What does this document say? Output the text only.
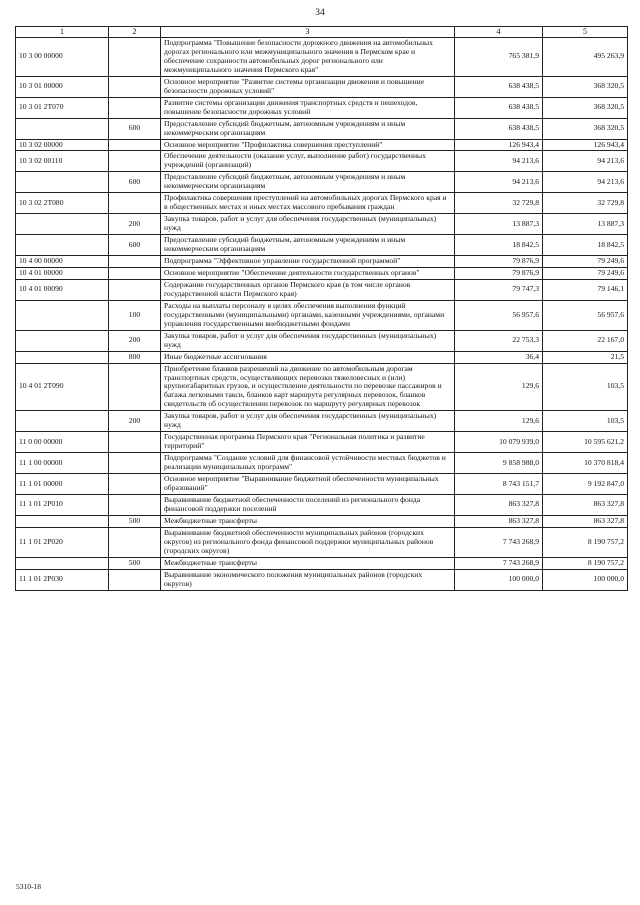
34
1	2	3	4	5
10 3 00 00000		Подпрограмма "Повышение безопасности дорожного движения на автомобильных дорогах регионального или межмуниципального значения в Пермском крае и обеспечение сохранности автомобильных дорог регионального или межмуниципального значения Пермского края"	765 381,9	495 263,9
10 3 01 00000		Основное мероприятие "Развитие системы организации движения и повышение безопасности дорожных условий"	638 438,5	368 320,5
10 3 01 2Т070		Развитие системы организации движения транспортных средств и пешеходов, повышение безопасности дорожных условий	638 438,5	368 320,5
	600	Предоставление субсидий бюджетным, автономным учреждениям и иным некоммерческим организациям	638 438,5	368 320,5
10 3 02 00000		Основное мероприятие "Профилактика совершения преступлений"	126 943,4	126 943,4
10 3 02 00110		Обеспечение деятельности (оказание услуг, выполнение работ) государственных учреждений (организаций)	94 213,6	94 213,6
	600	Предоставление субсидий бюджетным, автономным учреждениям и иным некоммерческим организациям	94 213,6	94 213,6
10 3 02 2Т080		Профилактика совершения преступлений на автомобильных дорогах Пермского края и в общественных местах и иных местах массового пребывания граждан	32 729,8	32 729,8
	200	Закупка товаров, работ и услуг для обеспечения государственных (муниципальных) нужд	13 887,3	13 887,3
	600	Предоставление субсидий бюджетным, автономным учреждениям и иным некоммерческим организациям	18 842,5	18 842,5
10 4 00 00000		Подпрограмма "Эффективное управление государственной программой"	79 876,9	79 249,6
10 4 01 00000		Основное мероприятие "Обеспечение деятельности государственных органов"	79 876,9	79 249,6
10 4 01 00090		Содержание государственных органов Пермского края (в том числе органов государственной власти Пермского края)	79 747,3	79 146,1
	100	Расходы на выплаты персоналу в целях обеспечения выполнения функций государственными (муниципальными) органами, казенными учреждениями, органами управления государственными внебюджетными фондами	56 957,6	56 957,6
	200	Закупка товаров, работ и услуг для обеспечения государственных (муниципальных) нужд	22 753,3	22 167,0
	800	Иные бюджетные ассигнования	36,4	21,5
10 4 01 2Т090		Приобретение бланков разрешений на движение по автомобильным дорогам транспортных средств, осуществляющих перевозки тяжеловесных и (или) крупногабаритных грузов, и осуществление деятельности по перевозке пассажиров и багажа легковыми такси, бланков карт маршрута регулярных перевозок, бланков свидетельств об осуществлении перевозок по маршруту регулярных перевозок	129,6	103,5
	200	Закупка товаров, работ и услуг для обеспечения государственных (муниципальных) нужд	129,6	103,5
11 0 00 00000		Государственная программа Пермского края "Региональная политика и развитие территорий"	10 079 939,0	10 595 621,2
11 1 00 00000		Подпрограмма "Создание условий для финансовой устойчивости местных бюджетов и реализации муниципальных программ"	9 858 988,0	10 370 818,4
11 1 01 00000		Основное мероприятие "Выравнивание бюджетной обеспеченности муниципальных образований"	8 743 151,7	9 192 847,0
11 1 01 2Р010		Выравнивание бюджетной обеспеченности поселений из регионального фонда финансовой поддержки поселений	863 327,8	863 327,8
	500	Межбюджетные трансферты	863 327,8	863 327,8
11 1 01 2Р020		Выравнивание бюджетной обеспеченности муниципальных районов (городских округов) из регионального фонда финансовой поддержки муниципальных районов (городских округов)	7 743 268,9	8 190 757,2
	500	Межбюджетные трансферты	7 743 268,9	8 190 757,2
11 1 01 2Р030		Выравнивание экономического положения муниципальных районов (городских округов)	100 000,0	100 000,0
5310-18
